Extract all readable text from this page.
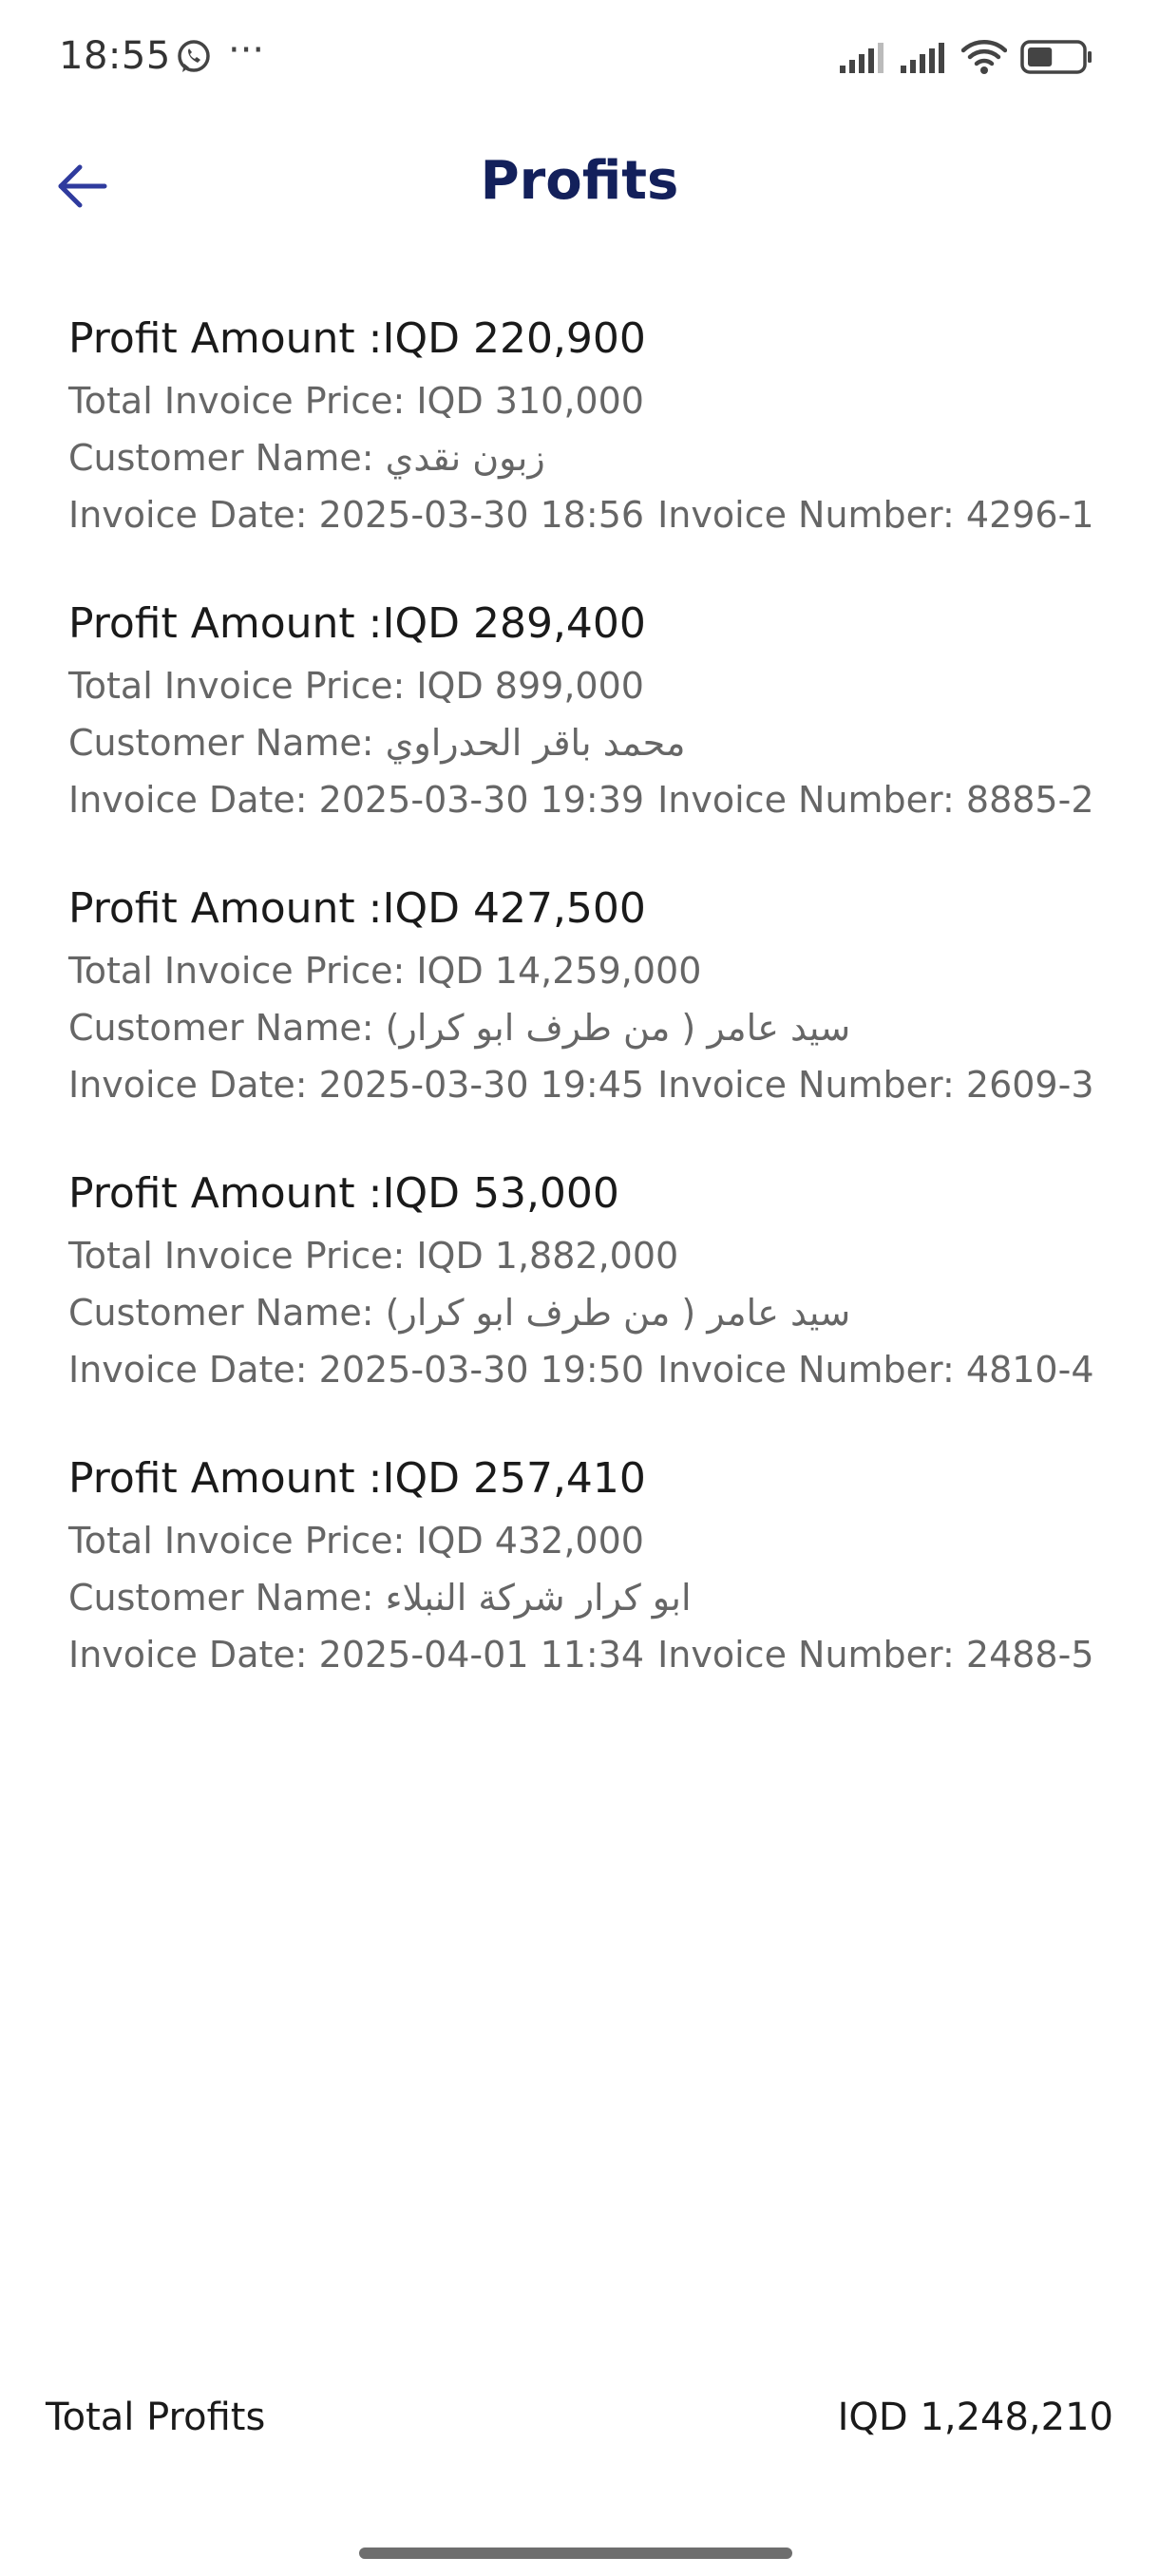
18:55 ···
Profits
Profit Amount :IQD 220,900
Total Invoice Price: IQD 310,000
Customer Name: زبون نقدي
Invoice Date: 2025-03-30 18:56 Invoice Number: 4296-1
Profit Amount :IQD 289,400
Total Invoice Price: IQD 899,000
Customer Name: محمد باقر الحدراوي
Invoice Date: 2025-03-30 19:39 Invoice Number: 8885-2
Profit Amount :IQD 427,500
Total Invoice Price: IQD 14,259,000
Customer Name: سيد عامر ( من طرف ابو كرار)
Invoice Date: 2025-03-30 19:45 Invoice Number: 2609-3
Profit Amount :IQD 53,000
Total Invoice Price: IQD 1,882,000
Customer Name: سيد عامر ( من طرف ابو كرار)
Invoice Date: 2025-03-30 19:50 Invoice Number: 4810-4
Profit Amount :IQD 257,410
Total Invoice Price: IQD 432,000
Customer Name: ابو كرار شركة النبلاء
Invoice Date: 2025-04-01 11:34 Invoice Number: 2488-5
Total Profits	IQD 1,248,210
